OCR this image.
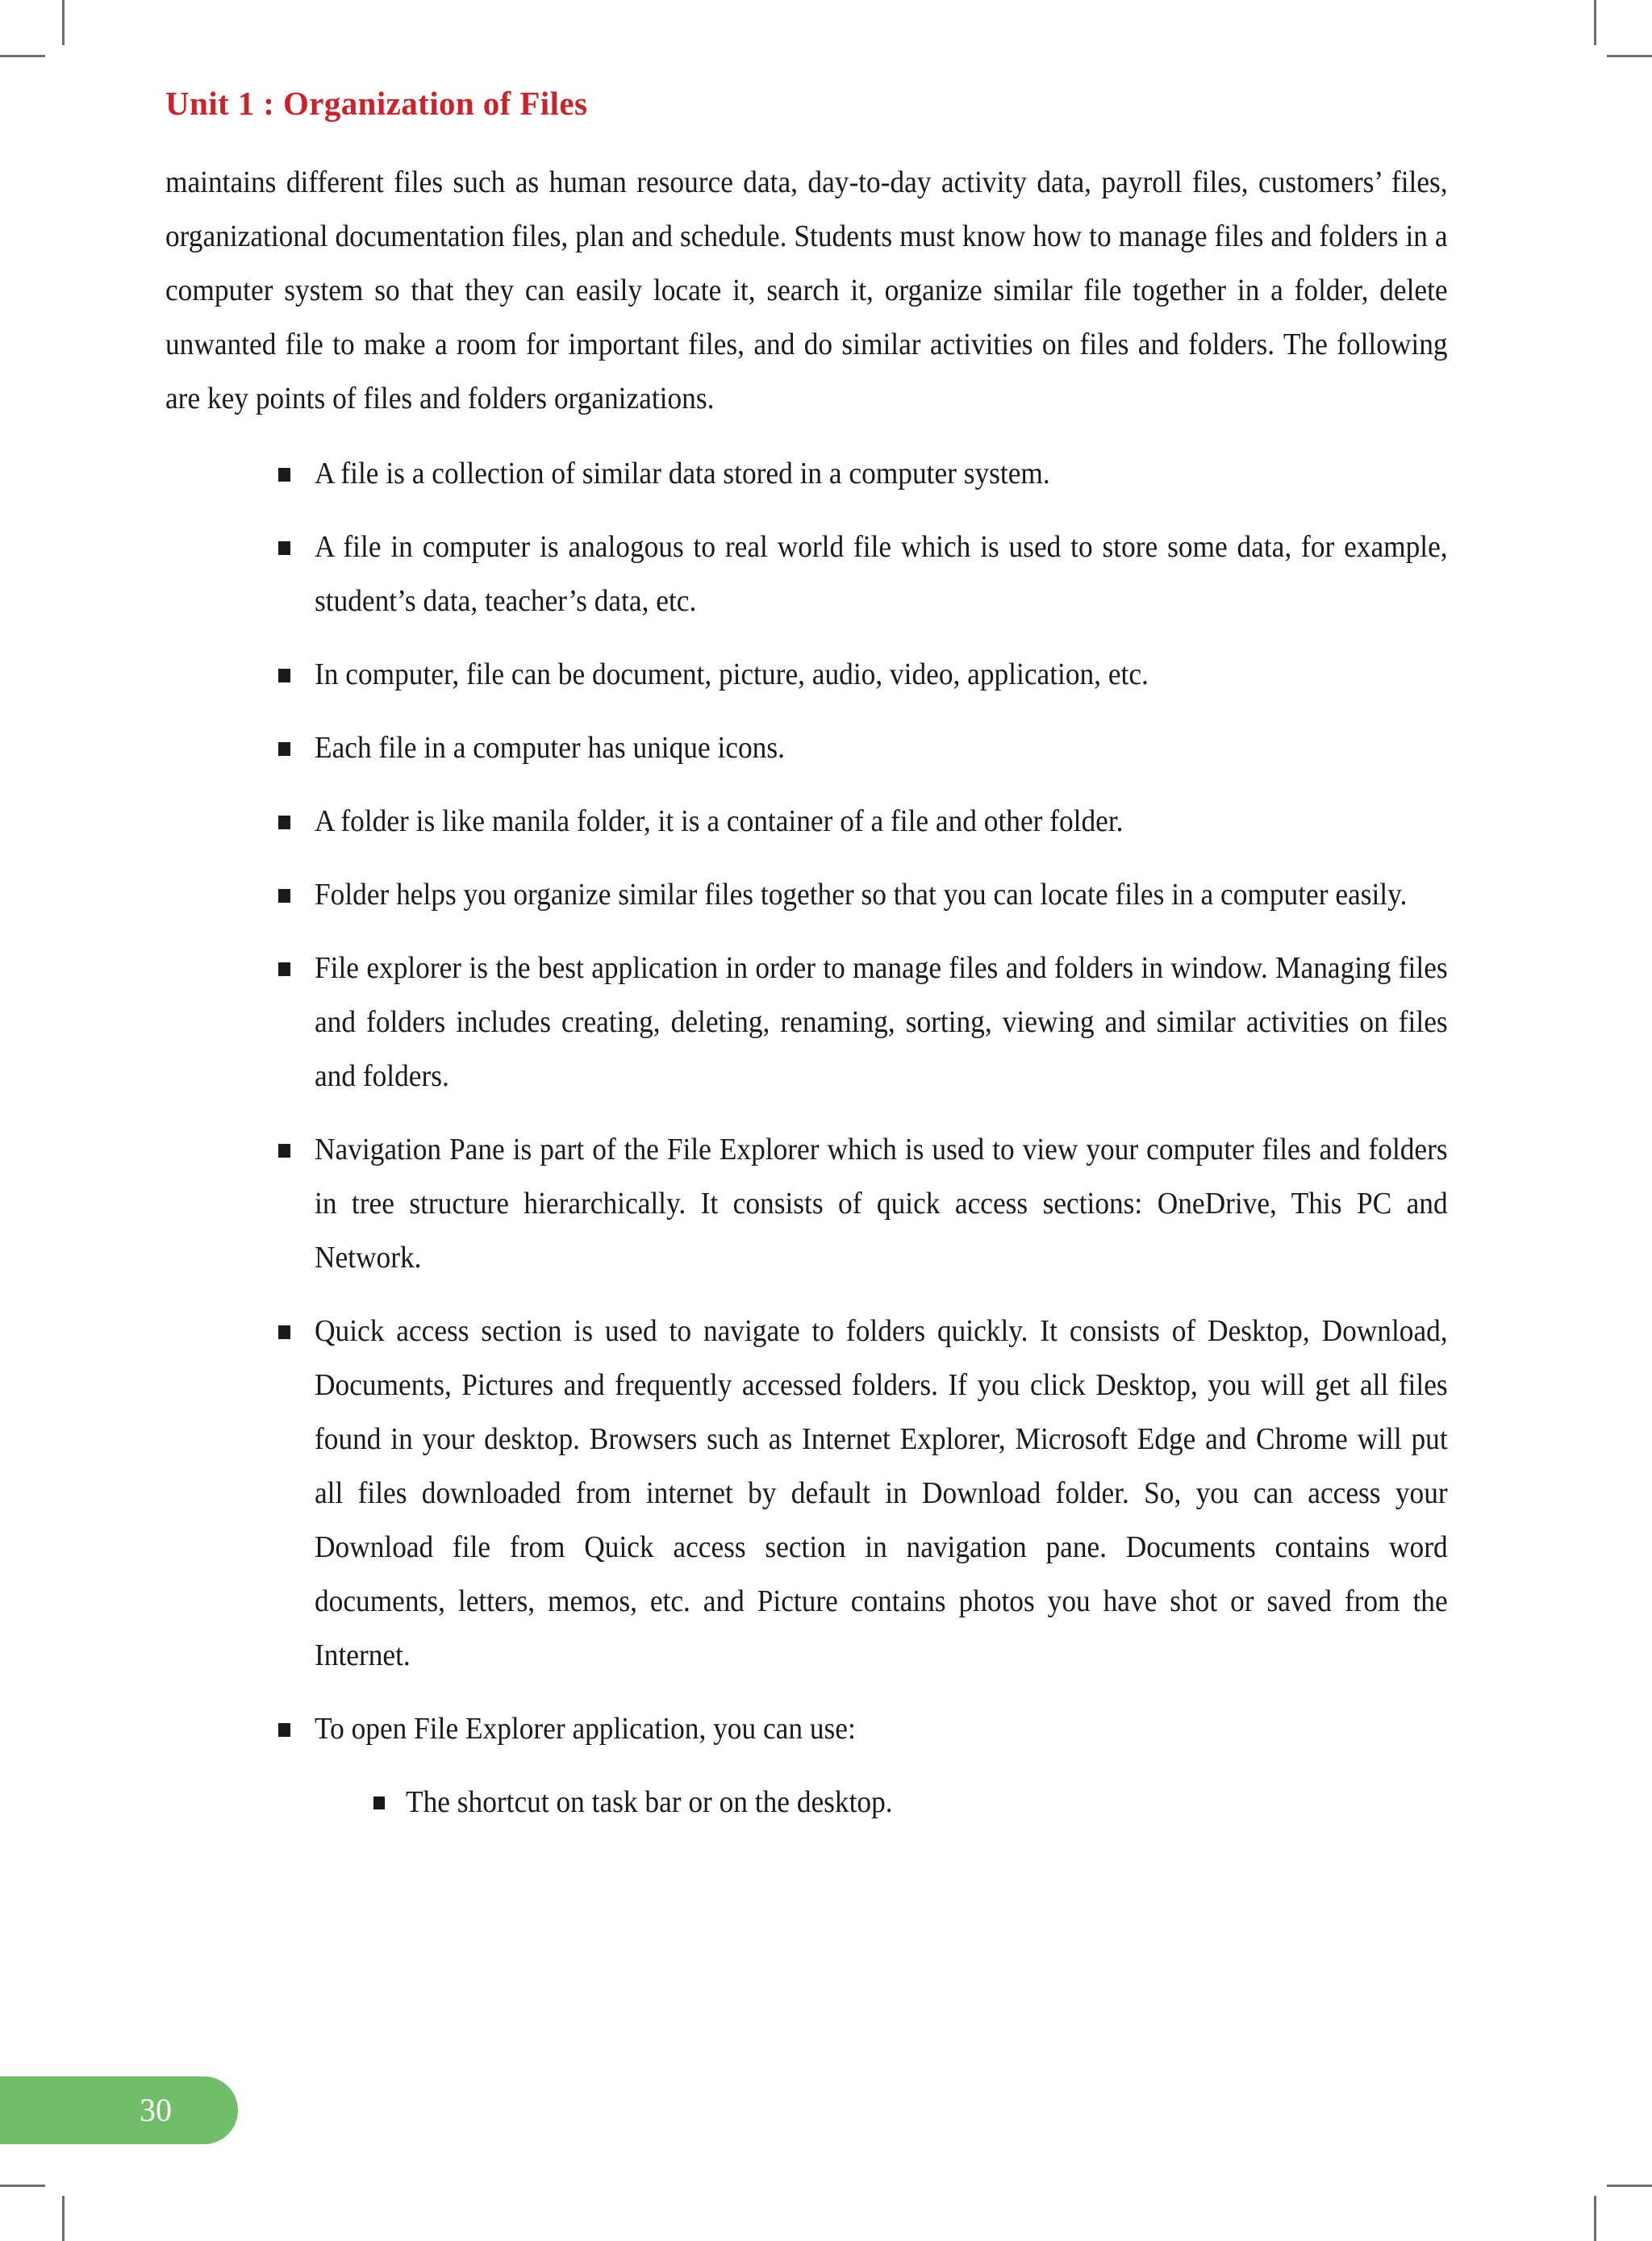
Unit 1 : Organization of Files

maintains different files such as human resource data, day-to-day activity data, payroll files, customers’ files, organizational documentation files, plan and schedule. Students must know how to manage files and folders in a computer system so that they can easily locate it, search it, organize similar file together in a folder, delete unwanted file to make a room for important files, and do similar activities on files and folders. The following are key points of files and folders organizations.

A file is a collection of similar data stored in a computer system.
A file in computer is analogous to real world file which is used to store some data, for example, student’s data, teacher’s data, etc.
In computer, file can be document, picture, audio, video, application, etc.
Each file in a computer has unique icons.
A folder is like manila folder, it is a container of a file and other folder.
Folder helps you organize similar files together so that you can locate files in a computer easily.
File explorer is the best application in order to manage files and folders in window. Managing files and folders includes creating, deleting, renaming, sorting, viewing and similar activities on files and folders.
Navigation Pane is part of the File Explorer which is used to view your computer files and folders in tree structure hierarchically. It consists of quick access sections: OneDrive, This PC and Network.
Quick access section is used to navigate to folders quickly. It consists of Desktop, Download, Documents, Pictures and frequently accessed folders. If you click Desktop, you will get all files found in your desktop. Browsers such as Internet Explorer, Microsoft Edge and Chrome will put all files downloaded from internet by default in Download folder. So, you can access your Download file from Quick access section in navigation pane. Documents contains word documents, letters, memos, etc. and Picture contains photos you have shot or saved from the Internet.
To open File Explorer application, you can use:
The shortcut on task bar or on the desktop.
30
